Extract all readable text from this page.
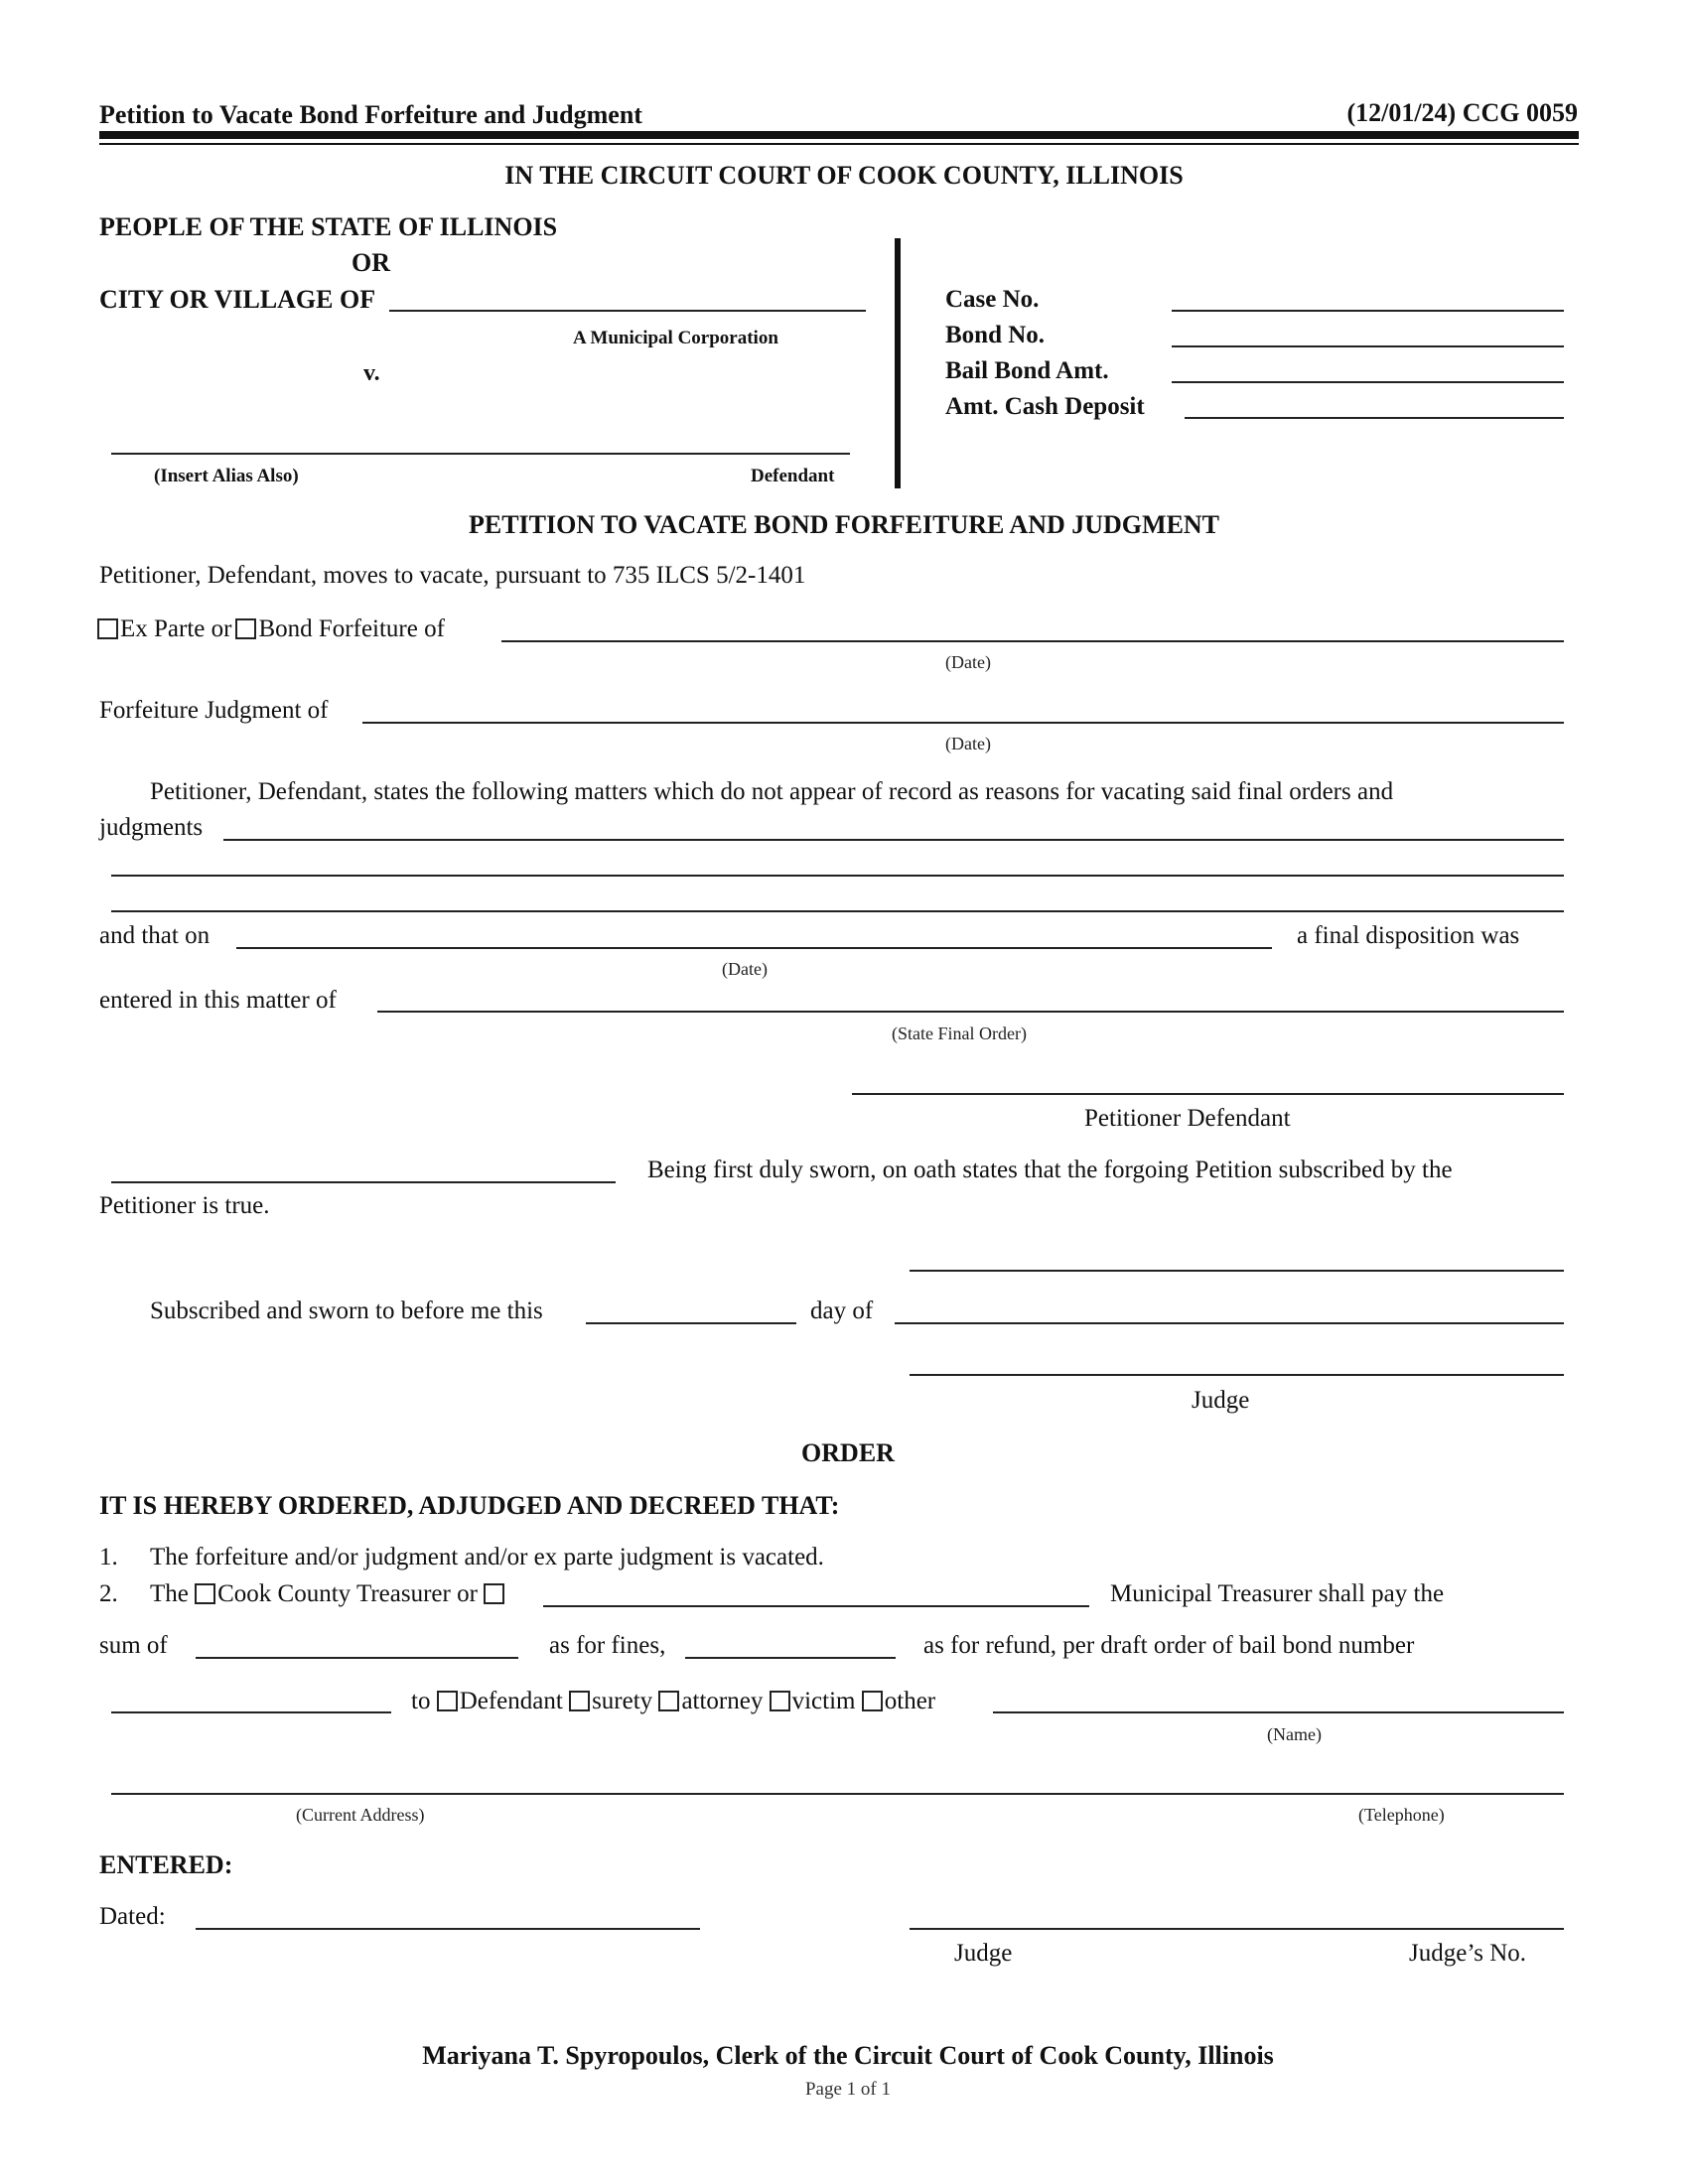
Petition to Vacate Bond Forfeiture and Judgment	(12/01/24) CCG 0059
IN THE CIRCUIT COURT OF COOK COUNTY, ILLINOIS
PEOPLE OF THE STATE OF ILLINOIS
OR
CITY OR VILLAGE OF
A Municipal Corporation
v.
(Insert Alias Also)	Defendant
Case No.
Bond No.
Bail Bond Amt.
Amt. Cash Deposit
PETITION TO VACATE BOND FORFEITURE AND JUDGMENT
Petitioner, Defendant, moves to vacate, pursuant to 735 ILCS 5/2-1401
Ex Parte or Bond Forfeiture of
(Date)
Forfeiture Judgment of
(Date)
Petitioner, Defendant, states the following matters which do not appear of record as reasons for vacating said final orders and
judgments
and that on	a final disposition was
(Date)
entered in this matter of
(State Final Order)
Petitioner Defendant
Being first duly sworn, on oath states that the forgoing Petition subscribed by the
Petitioner is true.
Subscribed and sworn to before me this	day of
Judge
ORDER
IT IS HEREBY ORDERED, ADJUDGED AND DECREED THAT:
1. The forfeiture and/or judgment and/or ex parte judgment is vacated.
2. The Cook County Treasurer or	Municipal Treasurer shall pay the
sum of	as for fines,	as for refund, per draft order of bail bond number
to Defendant surety attorney victim other
(Name)
(Current Address)	(Telephone)
ENTERED:
Dated:
Judge	Judge’s No.
Mariyana T. Spyropoulos, Clerk of the Circuit Court of Cook County, Illinois
Page 1 of 1
